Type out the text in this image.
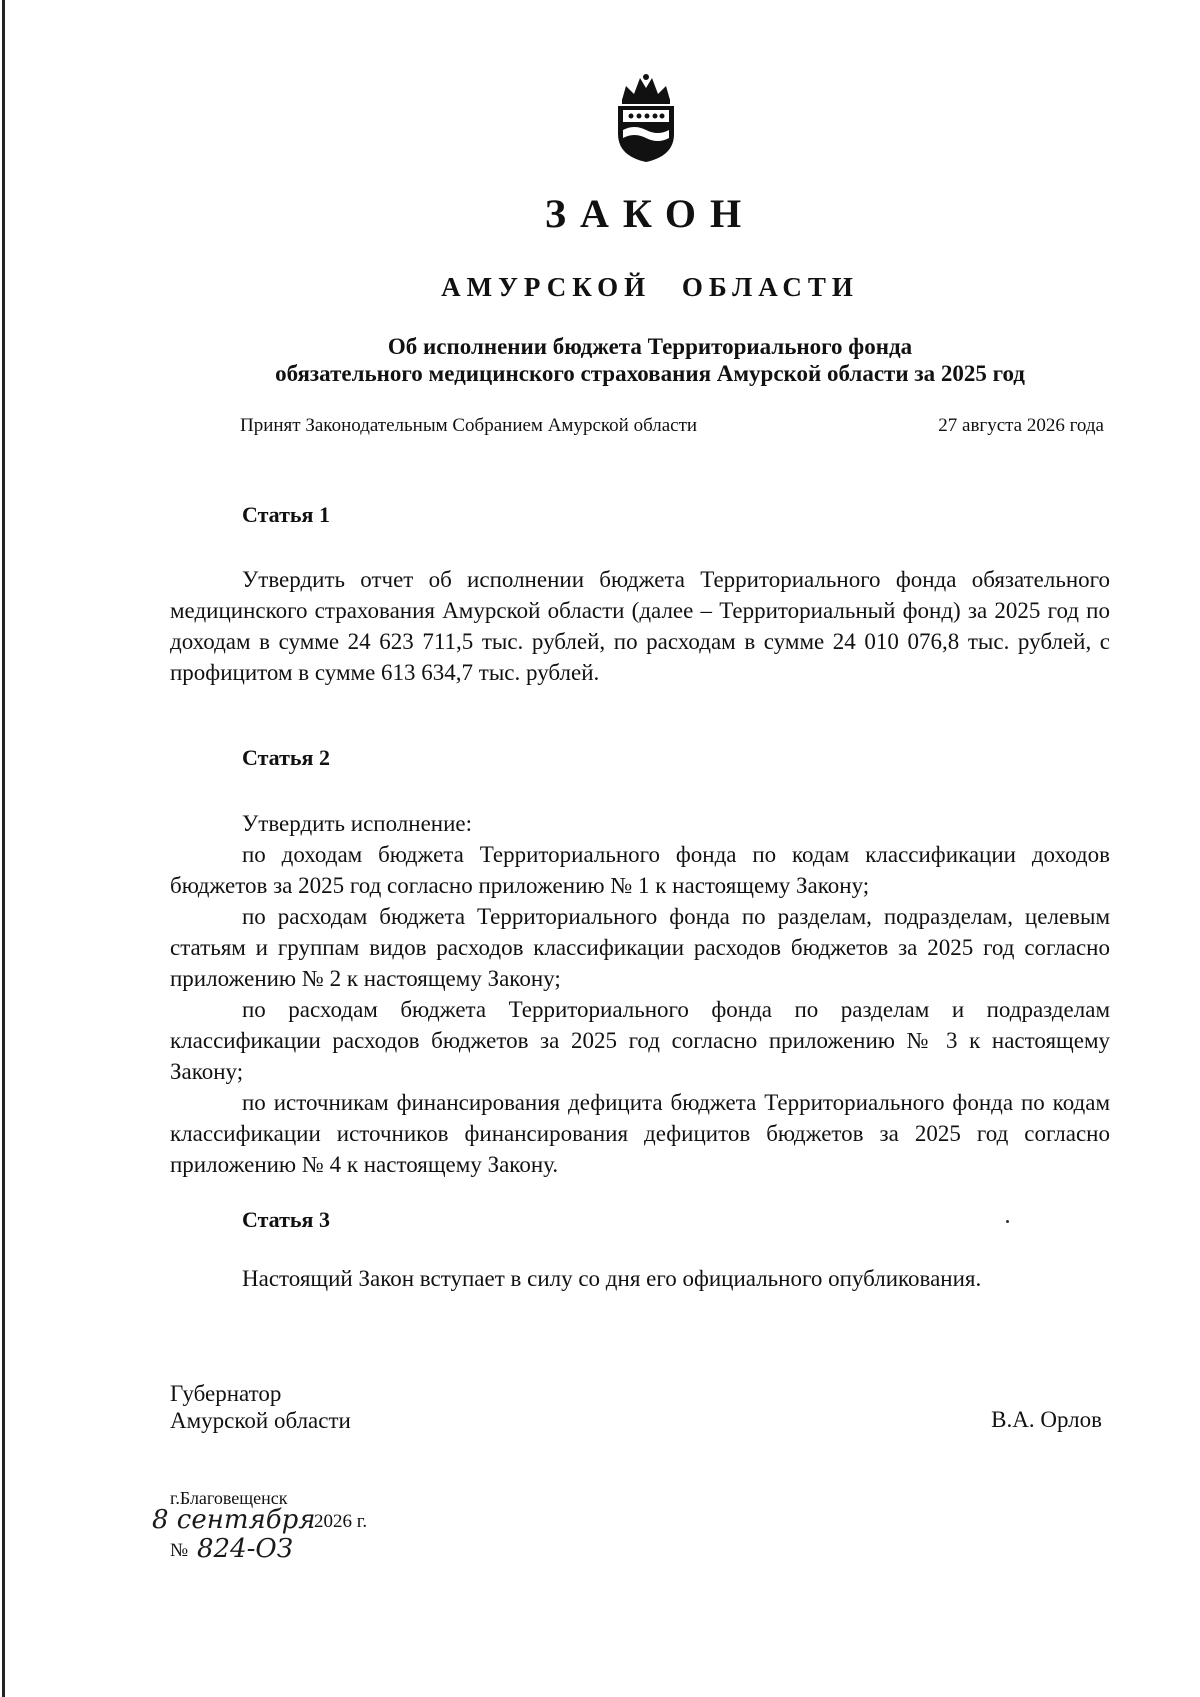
ЗАКОН
АМУРСКОЙ ОБЛАСТИ
Об исполнении бюджета Территориального фонда
обязательного медицинского страхования Амурской области за 2025 год
Принят Законодательным Собранием Амурской области	27 августа 2026 года
Статья 1

Утвердить отчет об исполнении бюджета Территориального фонда обязательного медицинского страхования Амурской области (далее – Территориальный фонд) за 2025 год по доходам в сумме 24 623 711,5 тыс. рублей, по расходам в сумме 24 010 076,8 тыс. рублей, с профицитом в сумме 613 634,7 тыс. рублей.

Статья 2

Утвердить исполнение:

по доходам бюджета Территориального фонда по кодам классификации доходов бюджетов за 2025 год согласно приложению № 1 к настоящему Закону;

по расходам бюджета Территориального фонда по разделам, подразделам, целевым статьям и группам видов расходов классификации расходов бюджетов за 2025 год согласно приложению № 2 к настоящему Закону;

по расходам бюджета Территориального фонда по разделам и подразделам классификации расходов бюджетов за 2025 год согласно приложению № 3 к настоящему Закону;

по источникам финансирования дефицита бюджета Территориального фонда по кодам классификации источников финансирования дефицитов бюджетов за 2025 год согласно приложению № 4 к настоящему Закону.

Статья 3

Настоящий Закон вступает в силу со дня его официального опубликования.

Губернатор
Амурской области	В.А. Орлов
г.Благовещенск
8 сентября
2026 г.
№ 824-ОЗ
